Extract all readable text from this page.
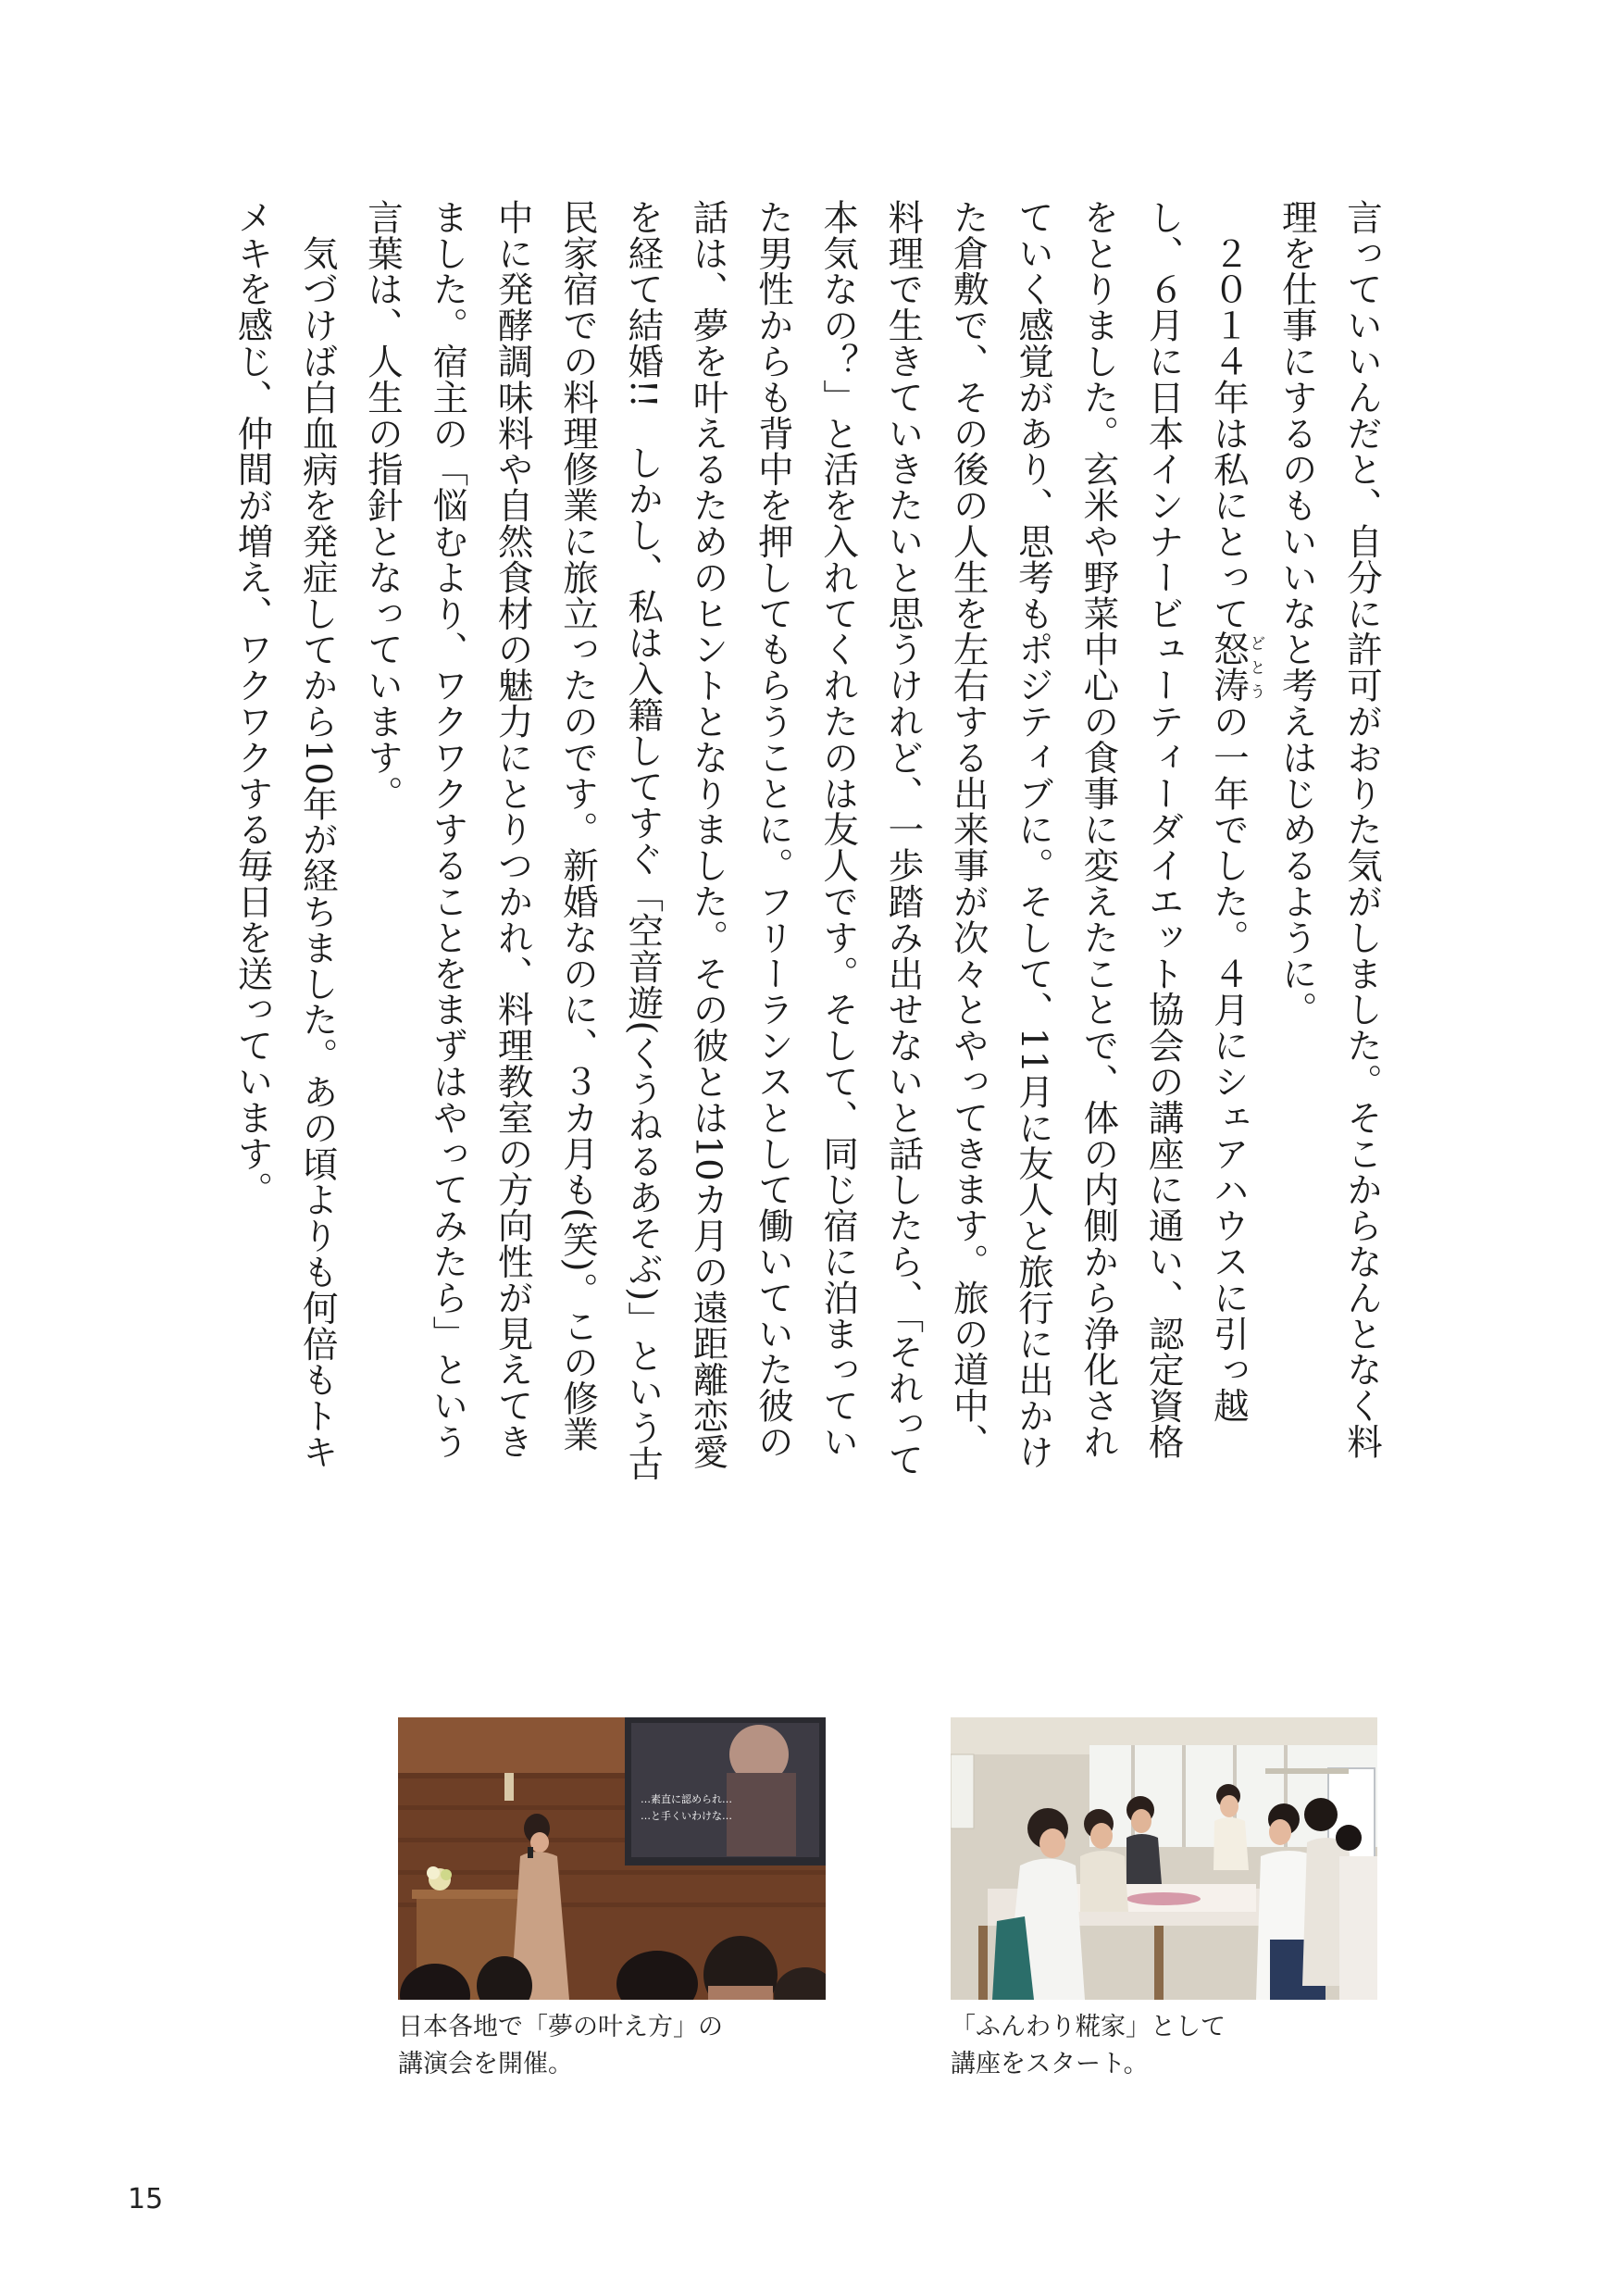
言っていいんだと、自分に許可がおりた気がしました。そこからなんとなく料理を仕事にするのもいいなと考えはじめるように。

２０１４年は私にとって怒涛どとうの一年でした。４月にシェアハウスに引っ越し、６月に日本インナービューティーダイエット協会の講座に通い、認定資格をとりました。玄米や野菜中心の食事に変えたことで、体の内側から浄化されていく感覚があり、思考もポジティブに。そして、11月に友人と旅行に出かけた倉敷で、その後の人生を左右する出来事が次々とやってきます。旅の道中、料理で生きていきたいと思うけれど、一歩踏み出せないと話したら、「それって本気なの？」と活を入れてくれたのは友人です。そして、同じ宿に泊まっていた男性からも背中を押してもらうことに。フリーランスとして働いていた彼の話は、夢を叶えるためのヒントとなりました。その彼とは10カ月の遠距離恋愛を経て結婚!!　しかし、私は入籍してすぐ「空音遊(くうねるあそぶ)」という古民家宿での料理修業に旅立ったのです。新婚なのに、３カ月も(笑)。この修業中に発酵調味料や自然食材の魅力にとりつかれ、料理教室の方向性が見えてきました。宿主の「悩むより、ワクワクすることをまずはやってみたら」という言葉は、人生の指針となっています。

気づけば白血病を発症してから10年が経ちました。あの頃よりも何倍もトキメキを感じ、仲間が増え、ワクワクする毎日を送っています。

…素直に認められ…
…と手くいわけな…
日本各地で「夢の叶え方」の
講演会を開催。
「ふんわり糀家」として
講座をスタート。
15
